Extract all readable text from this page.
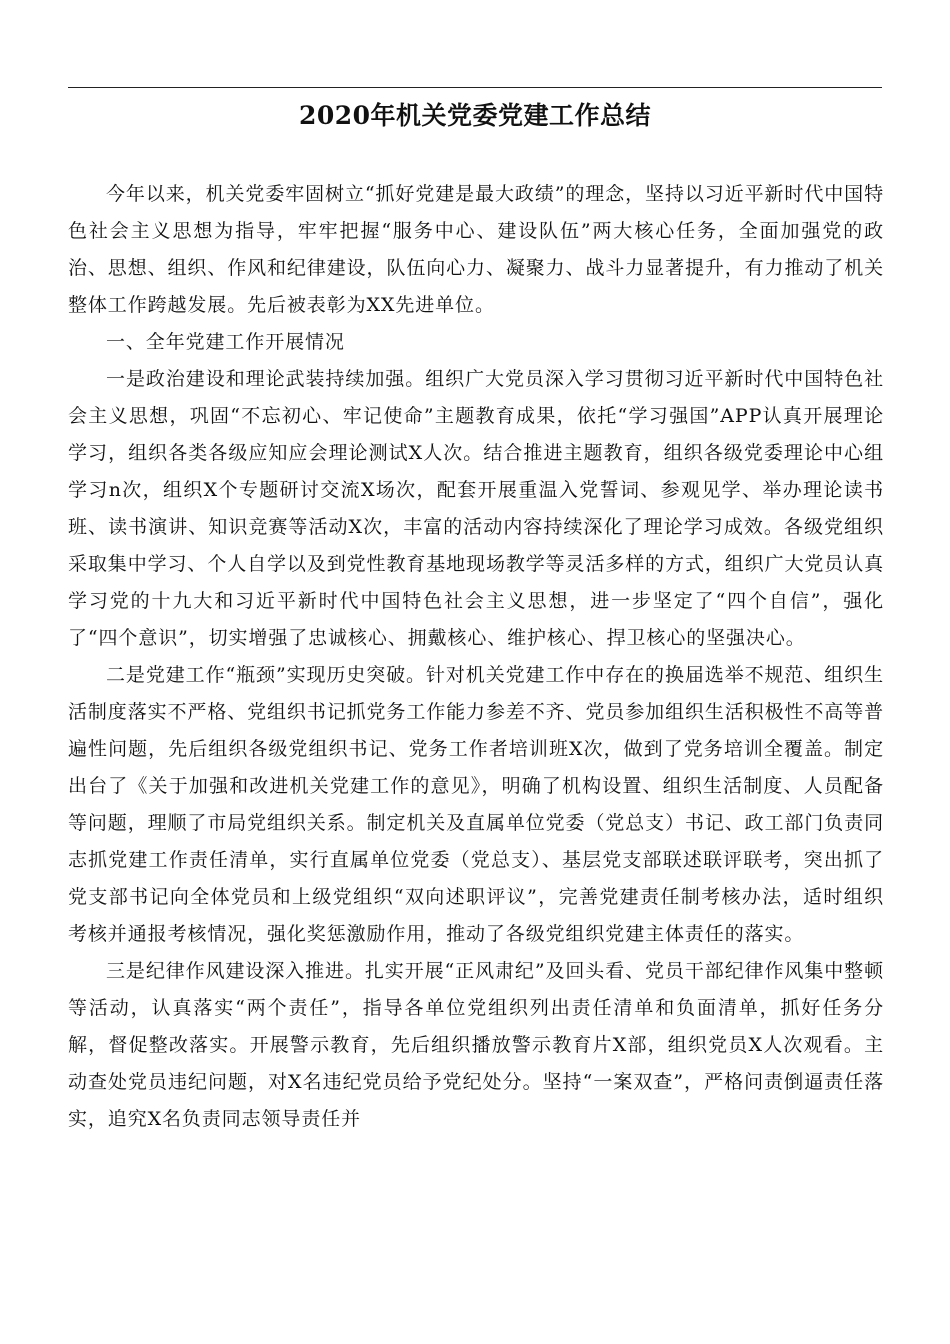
2020年机关党委党建工作总结

今年以来，机关党委牢固树立“抓好党建是最大政绩”的理念，坚持以习近平新时代中国特色社会主义思想为指导，牢牢把握“服务中心、建设队伍”两大核心任务，全面加强党的政治、思想、组织、作风和纪律建设，队伍向心力、凝聚力、战斗力显著提升，有力推动了机关整体工作跨越发展。先后被表彰为XX先进单位。

一、全年党建工作开展情况

一是政治建设和理论武装持续加强。组织广大党员深入学习贯彻习近平新时代中国特色社会主义思想，巩固“不忘初心、牢记使命”主题教育成果，依托“学习强国”APP认真开展理论学习，组织各类各级应知应会理论测试X人次。结合推进主题教育，组织各级党委理论中心组学习n次，组织X个专题研讨交流X场次，配套开展重温入党誓词、参观见学、举办理论读书班、读书演讲、知识竞赛等活动X次，丰富的活动内容持续深化了理论学习成效。各级党组织采取集中学习、个人自学以及到党性教育基地现场教学等灵活多样的方式，组织广大党员认真学习党的十九大和习近平新时代中国特色社会主义思想，进一步坚定了“四个自信”，强化了“四个意识”，切实增强了忠诚核心、拥戴核心、维护核心、捍卫核心的坚强决心。

二是党建工作“瓶颈”实现历史突破。针对机关党建工作中存在的换届选举不规范、组织生活制度落实不严格、党组织书记抓党务工作能力参差不齐、党员参加组织生活积极性不高等普遍性问题，先后组织各级党组织书记、党务工作者培训班X次，做到了党务培训全覆盖。制定出台了《关于加强和改进机关党建工作的意见》，明确了机构设置、组织生活制度、人员配备等问题，理顺了市局党组织关系。制定机关及直属单位党委（党总支）书记、政工部门负责同志抓党建工作责任清单，实行直属单位党委（党总支）、基层党支部联述联评联考，突出抓了党支部书记向全体党员和上级党组织“双向述职评议”，完善党建责任制考核办法，适时组织考核并通报考核情况，强化奖惩激励作用，推动了各级党组织党建主体责任的落实。

三是纪律作风建设深入推进。扎实开展“正风肃纪”及回头看、党员干部纪律作风集中整顿等活动，认真落实“两个责任”，指导各单位党组织列出责任清单和负面清单，抓好任务分解，督促整改落实。开展警示教育，先后组织播放警示教育片X部，组织党员X人次观看。主动查处党员违纪问题，对X名违纪党员给予党纪处分。坚持“一案双查”，严格问责倒逼责任落实，追究X名负责同志领导责任并
